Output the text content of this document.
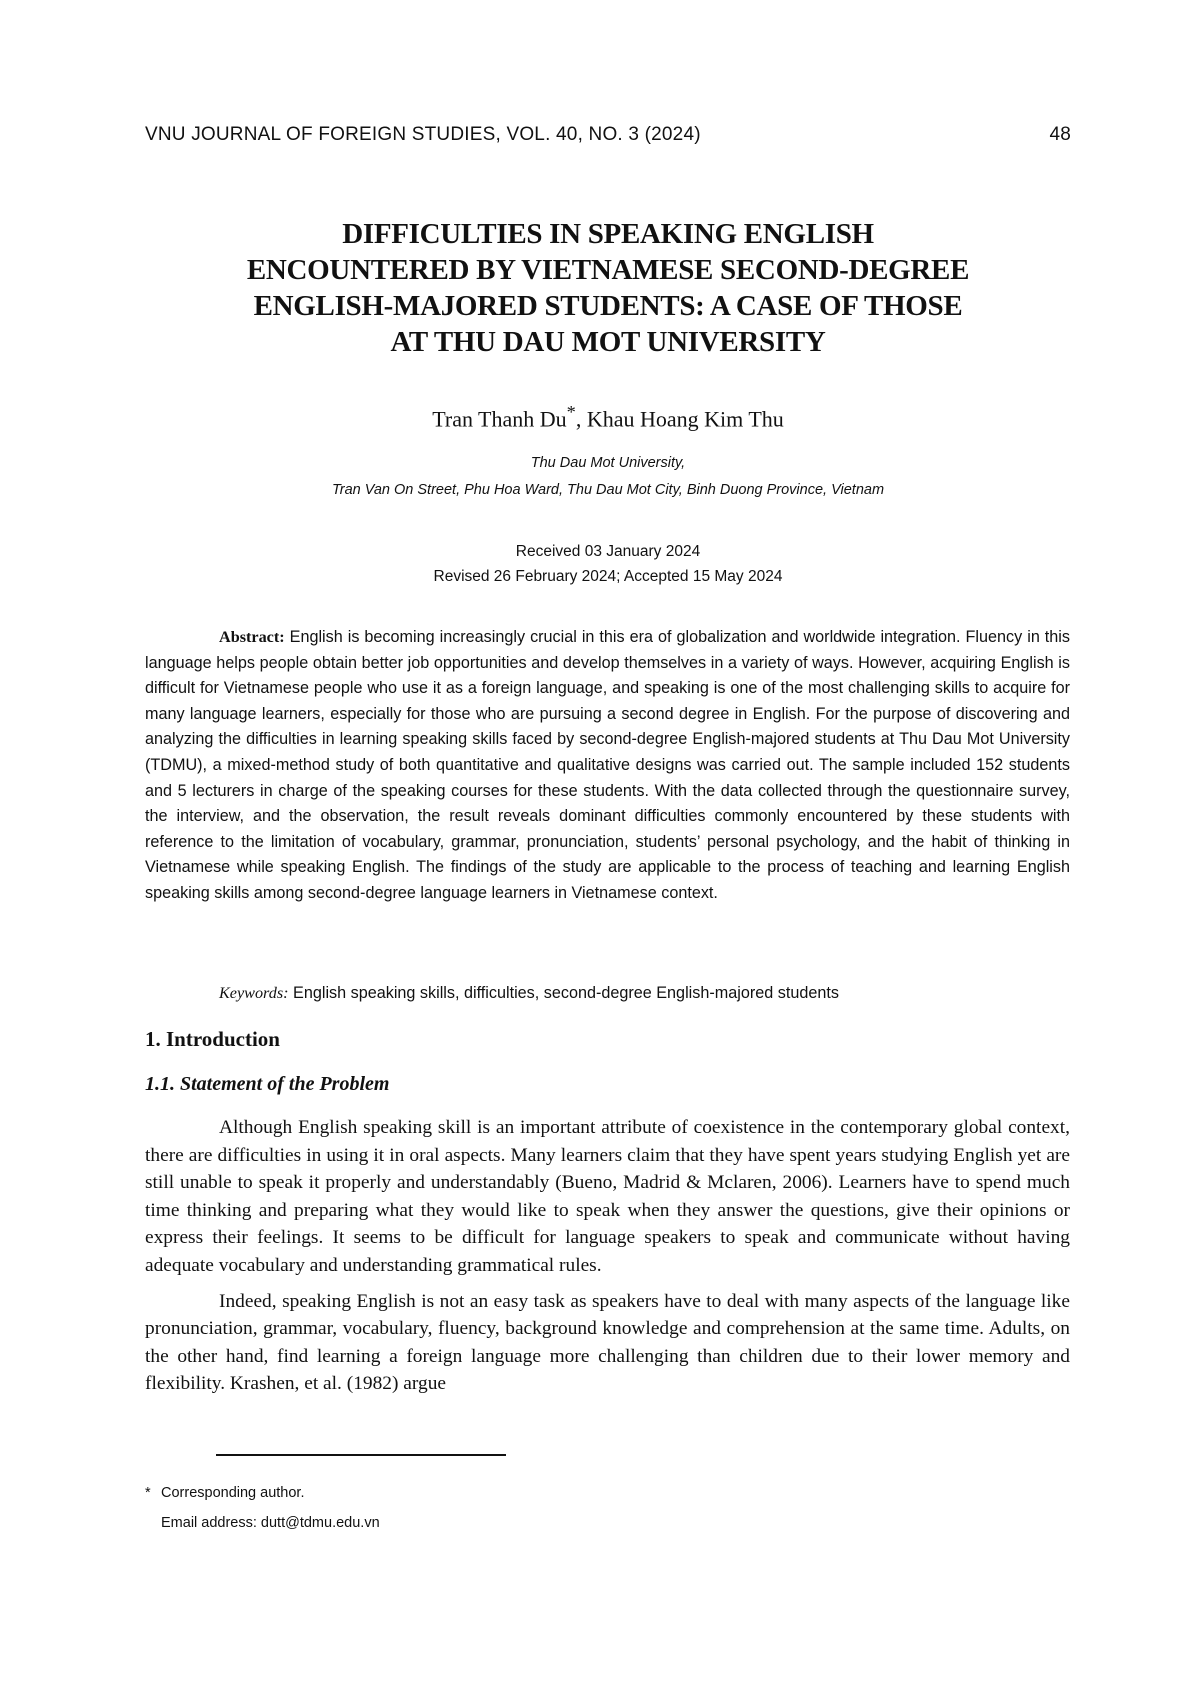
VNU JOURNAL OF FOREIGN STUDIES, VOL. 40, NO. 3 (2024)	48
DIFFICULTIES IN SPEAKING ENGLISH
ENCOUNTERED BY VIETNAMESE SECOND-DEGREE
ENGLISH-MAJORED STUDENTS: A CASE OF THOSE
AT THU DAU MOT UNIVERSITY
Tran Thanh Du*, Khau Hoang Kim Thu
Thu Dau Mot University,
Tran Van On Street, Phu Hoa Ward, Thu Dau Mot City, Binh Duong Province, Vietnam
Received 03 January 2024
Revised 26 February 2024; Accepted 15 May 2024

Abstract: English is becoming increasingly crucial in this era of globalization and worldwide integration. Fluency in this language helps people obtain better job opportunities and develop themselves in a variety of ways. However, acquiring English is difficult for Vietnamese people who use it as a foreign language, and speaking is one of the most challenging skills to acquire for many language learners, especially for those who are pursuing a second degree in English. For the purpose of discovering and analyzing the difficulties in learning speaking skills faced by second-degree English-majored students at Thu Dau Mot University (TDMU), a mixed-method study of both quantitative and qualitative designs was carried out. The sample included 152 students and 5 lecturers in charge of the speaking courses for these students. With the data collected through the questionnaire survey, the interview, and the observation, the result reveals dominant difficulties commonly encountered by these students with reference to the limitation of vocabulary, grammar, pronunciation, students’ personal psychology, and the habit of thinking in Vietnamese while speaking English. The findings of the study are applicable to the process of teaching and learning English speaking skills among second-degree language learners in Vietnamese context.

Keywords: English speaking skills, difficulties, second-degree English-majored students
1. Introduction
1.1. Statement of the Problem

Although English speaking skill is an important attribute of coexistence in the contemporary global context, there are difficulties in using it in oral aspects. Many learners claim that they have spent years studying English yet are still unable to speak it properly and understandably (Bueno, Madrid & Mclaren, 2006). Learners have to spend much time thinking and preparing what they would like to speak when they answer the questions, give their opinions or express their feelings. It seems to be difficult for language speakers to speak and communicate without having adequate vocabulary and understanding grammatical rules.

Indeed, speaking English is not an easy task as speakers have to deal with many aspects of the language like pronunciation, grammar, vocabulary, fluency, background knowledge and comprehension at the same time. Adults, on the other hand, find learning a foreign language more challenging than children due to their lower memory and flexibility. Krashen, et al. (1982) argue

* Corresponding author.
Email address: dutt@tdmu.edu.vn
